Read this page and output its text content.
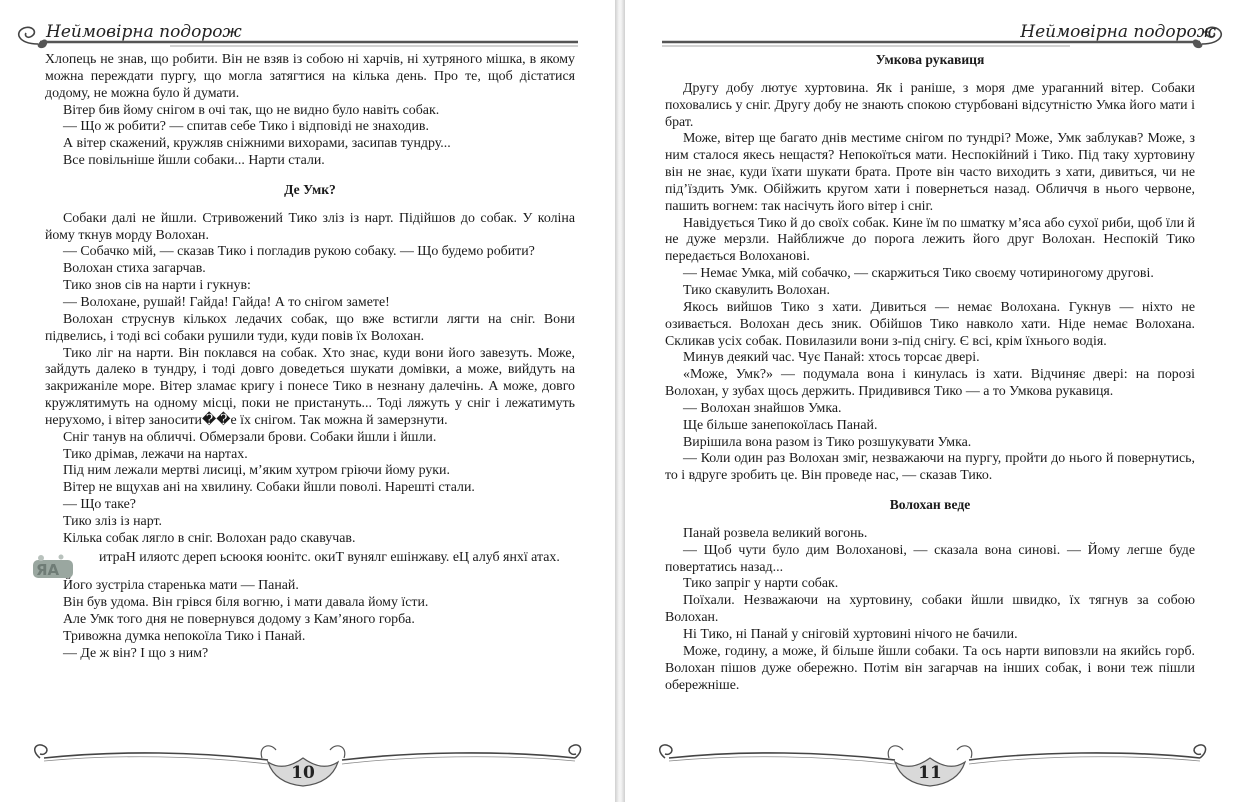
Неймовірна подорож

Хлопець не знав, що робити. Він не взяв із собою ні харчів, ні хутряного мішка, в якому можна переждати пургу, що могла затягтися на кілька день. Про те, щоб дістатися додому, не можна було й думати.

Вітер бив йому снігом в очі так, що не видно було навіть собак.

— Що ж робити? — спитав себе Тико і відповіді не знаходив.

А вітер скажений, кружляв сніжними вихорами, засипав тундру...

Все повільніше йшли собаки... Нарти стали.

Де Умк?

Собаки далі не йшли. Стривожений Тико зліз із нарт. Підійшов до собак. У коліна йому ткнув морду Волохан.

— Собачко мій, — сказав Тико і погладив рукою собаку. — Що будемо робити?

Волохан стиха загарчав.

Тико знов сів на нарти і гукнув:

— Волохане, рушай! Гайда! Гайда! А то снігом замете!

Волохан струснув кількох ледачих собак, що вже встигли лягти на сніг. Вони підвелись, і тоді всі собаки рушили туди, куди повів їх Волохан.

Тико ліг на нарти. Він поклався на собак. Хто знає, куди вони його завезуть. Може, зайдуть далеко в тундру, і тоді довго доведеться шукати домівки, а може, вийдуть на закрижаніле море. Вітер зламає кригу і понесе Тико в незнану далечінь. А може, довго кружлятимуть на одному місці, поки не пристануть... Тоді ляжуть у сніг і лежатимуть нерухомо, і вітер заносити��е їх снігом. Так можна й замерзнути.

Сніг танув на обличчі. Обмерзали брови. Собаки йшли і йшли.

Тико дрімав, лежачи на нартах.

Під ним лежали мертві лисиці, м’яким хутром гріючи йому руки.

Вітер не вщухав ані на хвилину. Собаки йшли повoлі. Нарешті стали.

— Що таке?

Тико зліз із нарт.

Кілька собак лягло в сніг. Волохан радо скавучав.

ЯА

итраН иляотс дерeп ьсюокя юонітс. окиТ вунялг ешінжаву. еЦ алуб янхї атах.

Його зустріла старенька мати — Панай.

Він був удома. Він грівся біля вогню, і мати давала йому їсти.

Але Умк того дня не повернувся додому з Кам’яного горба.

Тривожна думка непокоїла Тико і Панай.

— Де ж він? І що з ним?

10
Неймовірна подорож
Умкова рукавиця

Другу добу лютує хуртовина. Як і раніше, з моря дме ураганний вітер. Собаки поховались у сніг. Другу добу не знають спокою стурбовані відсутністю Умка його мати і брат.

Може, вітер ще багато днів местиме снігом по тундрі? Може, Умк заблукав? Може, з ним сталося якесь нещастя? Непокоїться мати. Неспокійний і Тико. Під таку хуртовину він не знає, куди їхати шукати брата. Проте він часто виходить з хати, дивиться, чи не під’їздить Умк. Обійжить кругом хати і повернеться назад. Обличчя в нього червоне, пашить вогнем: так насічуть його вітер і сніг.

Навідується Тико й до своїх собак. Кине їм по шматку м’яса або сухої риби, щоб їли й не дуже мерзли. Найближче до порога лежить його друг Волохан. Неспокій Тико передається Волохановi.

— Немає Умка, мій собачко, — скаржиться Тико своєму чотириногому другові.

Тико скавулить Волохан.

Якось вийшов Тико з хати. Дивиться — немає Волохана. Гукнув — ніхто не озивається. Волохан десь зник. Обійшов Тико навколо хати. Ніде немає Волохана. Скликав усіх собак. Повилазили вони з-під снігу. Є всі, крім їхнього водія.

Минув деякий час. Чує Панай: хтось торсає двері.

«Може, Умк?» — подумала вона і кинулась із хати. Відчиняє двері: на порозі Волохан, у зубах щось держить. Придивився Тико — а то Умкова рукавиця.

— Волохан знайшов Умка.

Ще більше занепокоїлась Панай.

Вирішила вона разом із Тико розшукувати Умка.

— Коли один раз Волохан зміг, незважаючи на пургу, пройти до нього й повернутись, то і вдруге зробить це. Він проведе нас, — сказав Тико.

Волохан веде

Панай розвела великий вогонь.

— Щоб чути було дим Волохановi, — сказала вона синові. — Йому легше буде повертатись назад...

Тико запріг у нарти собак.

Поїхали. Незважаючи на хуртовину, собаки йшли швидко, їх тягнув за собою Волохан.

Ні Тико, ні Панай у сніговій хуртовині нічого не бачили.

Може, годину, а може, й більше йшли собаки. Та ось нарти виповзли на якийсь горб. Волохан пішов дуже обережно. Потім він загарчав на інших собак, і вони теж пішли обережніше.

11
